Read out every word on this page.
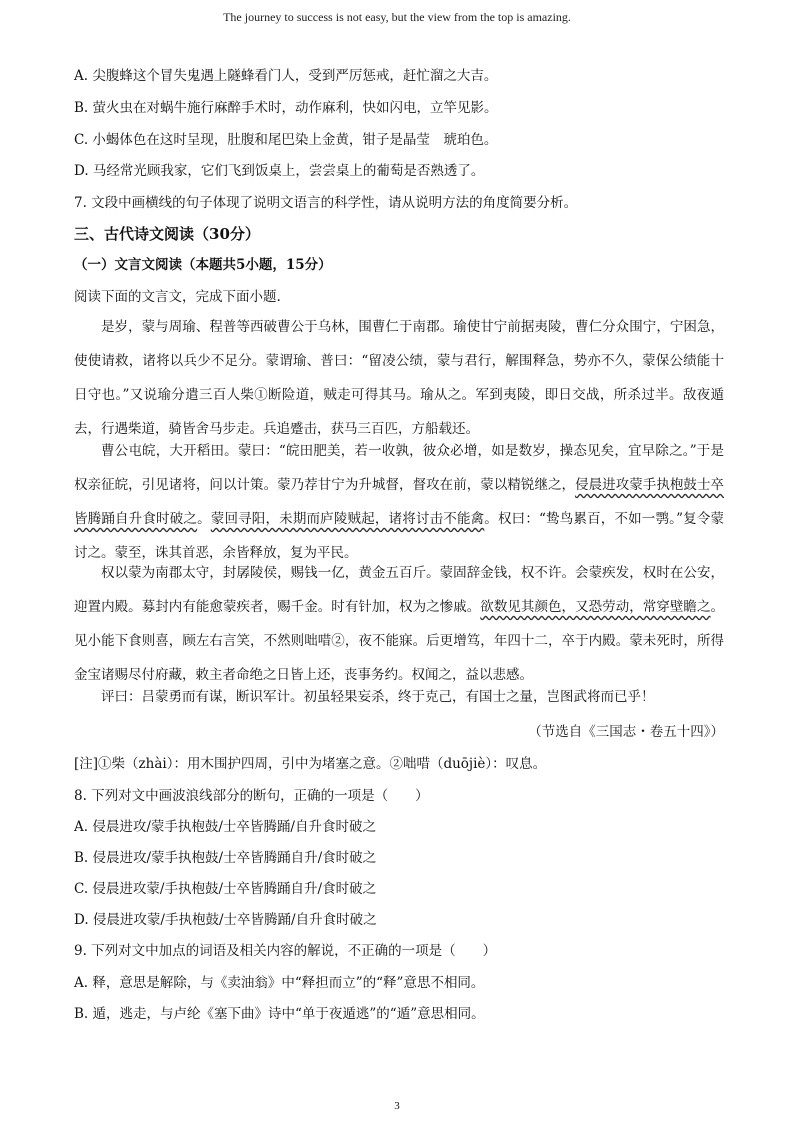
The journey to success is not easy, but the view from the top is amazing.
A. 尖腹蜂这个冒失鬼遇上隧蜂看门人，受到严厉惩戒，赶忙溜之大吉。
B. 萤火虫在对蜗牛施行麻醉手术时，动作麻利，快如闪电，立竿见影。
C. 小蝎体色在这时呈现，肚腹和尾巴染上金黄，钳子是晶莹　琥珀色。
D. 马经常光顾我家，它们飞到饭桌上，尝尝桌上的葡萄是否熟透了。
7. 文段中画横线的句子体现了说明文语言的科学性，请从说明方法的角度简要分析。
三、古代诗文阅读（30分）
（一）文言文阅读（本题共5小题，15分）
阅读下面的文言文，完成下面小题.
是岁，蒙与周瑜、程普等西破曹公于乌林，围曹仁于南郡。瑜使甘宁前据夷陵，曹仁分众围宁，宁困急，使使请救，诸将以兵少不足分。蒙谓瑜、普曰：“留凌公绩，蒙与君行，解围释急，势亦不久，蒙保公绩能十日守也。”又说瑜分遣三百人柴①断险道，贼走可得其马。瑜从之。军到夷陵，即日交战，所杀过半。敌夜遁去，行遇柴道，骑皆舍马步走。兵追蹙击，获马三百匹，方船载还。
曹公屯皖，大开稻田。蒙曰：“皖田肥美，若一收孰，彼众必增，如是数岁，操态见矣，宜早除之。”于是权亲征皖，引见诸将，问以计策。蒙乃荐甘宁为升城督，督攻在前，蒙以精锐继之，侵晨进攻蒙手执枹鼓士卒皆腾踊自升食时破之。蒙回寻阳，未期而庐陵贼起，诸将讨击不能禽。权曰：“鸷鸟累百，不如一鹗。”复令蒙讨之。蒙至，诛其首恶，余皆释放，复为平民。
权以蒙为南郡太守，封孱陵侯，赐钱一亿，黄金五百斤。蒙固辞金钱，权不许。会蒙疾发，权时在公安，迎置内殿。募封内有能愈蒙疾者，赐千金。时有针加，权为之惨戚。欲数见其颜色，又恐劳动，常穿壁瞻之。见小能下食则喜，顾左右言笑，不然则咄唶②，夜不能寐。后更增笃，年四十二，卒于内殿。蒙未死时，所得金宝诸赐尽付府藏，敕主者命绝之日皆上还，丧事务约。权闻之，益以悲感。
评曰：吕蒙勇而有谋，断识军计。初虽轻果妄杀，终于克己，有国士之量，岂图武将而已乎！
（节选自《三国志・卷五十四》）
[注]①柴（zhài）：用木围护四周，引中为堵塞之意。②咄唶（duōjiè）：叹息。
8. 下列对文中画波浪线部分的断句，正确的一项是（　　）
A. 侵晨进攻/蒙手执枹鼓/士卒皆腾踊/自升食时破之
B. 侵晨进攻/蒙手执枹鼓/士卒皆腾踊自升/食时破之
C. 侵晨进攻蒙/手执枹鼓/士卒皆腾踊自升/食时破之
D. 侵晨进攻蒙/手执枹鼓/士卒皆腾踊/自升食时破之
9. 下列对文中加点的词语及相关内容的解说，不正确的一项是（　　）
A. 释，意思是解除，与《卖油翁》中“释担而立”的“释”意思不相同。
B. 遁，逃走，与卢纶《塞下曲》诗中“单于夜遁逃”的“遁”意思相同。
3
